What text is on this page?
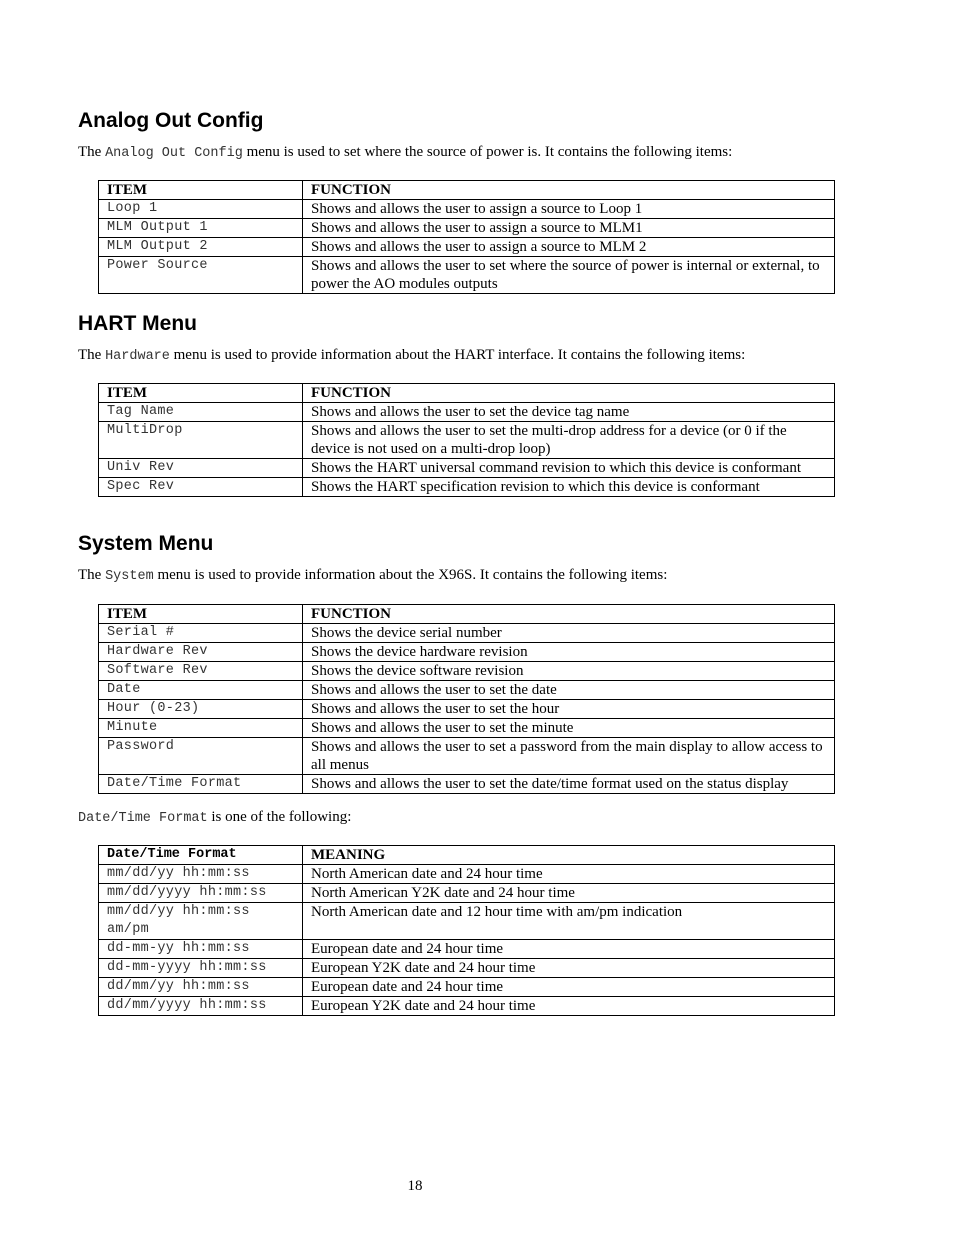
Analog Out Config

The Analog Out Config menu is used to set where the source of power is. It contains the following items:

ITEM	FUNCTION
Loop 1	Shows and allows the user to assign a source to Loop 1
MLM Output 1	Shows and allows the user to assign a source to MLM1
MLM Output 2	Shows and allows the user to assign a source to MLM 2
Power Source	Shows and allows the user to set where the source of power is internal or external, to power the AO modules outputs
HART Menu

The Hardware menu is used to provide information about the HART interface. It contains the following items:

ITEM	FUNCTION
Tag Name	Shows and allows the user to set the device tag name
MultiDrop	Shows and allows the user to set the multi-drop address for a device (or 0 if the device is not used on a multi-drop loop)
Univ Rev	Shows the HART universal command revision to which this device is conformant
Spec Rev	Shows the HART specification revision to which this device is conformant
System Menu

The System menu is used to provide information about the X96S. It contains the following items:

ITEM	FUNCTION
Serial #	Shows the device serial number
Hardware Rev	Shows the device hardware revision
Software Rev	Shows the device software revision
Date	Shows and allows the user to set the date
Hour (0-23)	Shows and allows the user to set the hour
Minute	Shows and allows the user to set the minute
Password	Shows and allows the user to set a password from the main display to allow access to all menus
Date/Time Format	Shows and allows the user to set the date/time format used on the status display

Date/Time Format is one of the following:

Date/Time Format	MEANING
mm/dd/yy hh:mm:ss	North American date and 24 hour time
mm/dd/yyyy hh:mm:ss	North American Y2K date and 24 hour time
mm/dd/yy hh:mm:ss am/pm	North American date and 12 hour time with am/pm indication
dd-mm-yy hh:mm:ss	European date and 24 hour time
dd-mm-yyyy hh:mm:ss	European Y2K date and 24 hour time
dd/mm/yy hh:mm:ss	European date and 24 hour time
dd/mm/yyyy hh:mm:ss	European Y2K date and 24 hour time
18
